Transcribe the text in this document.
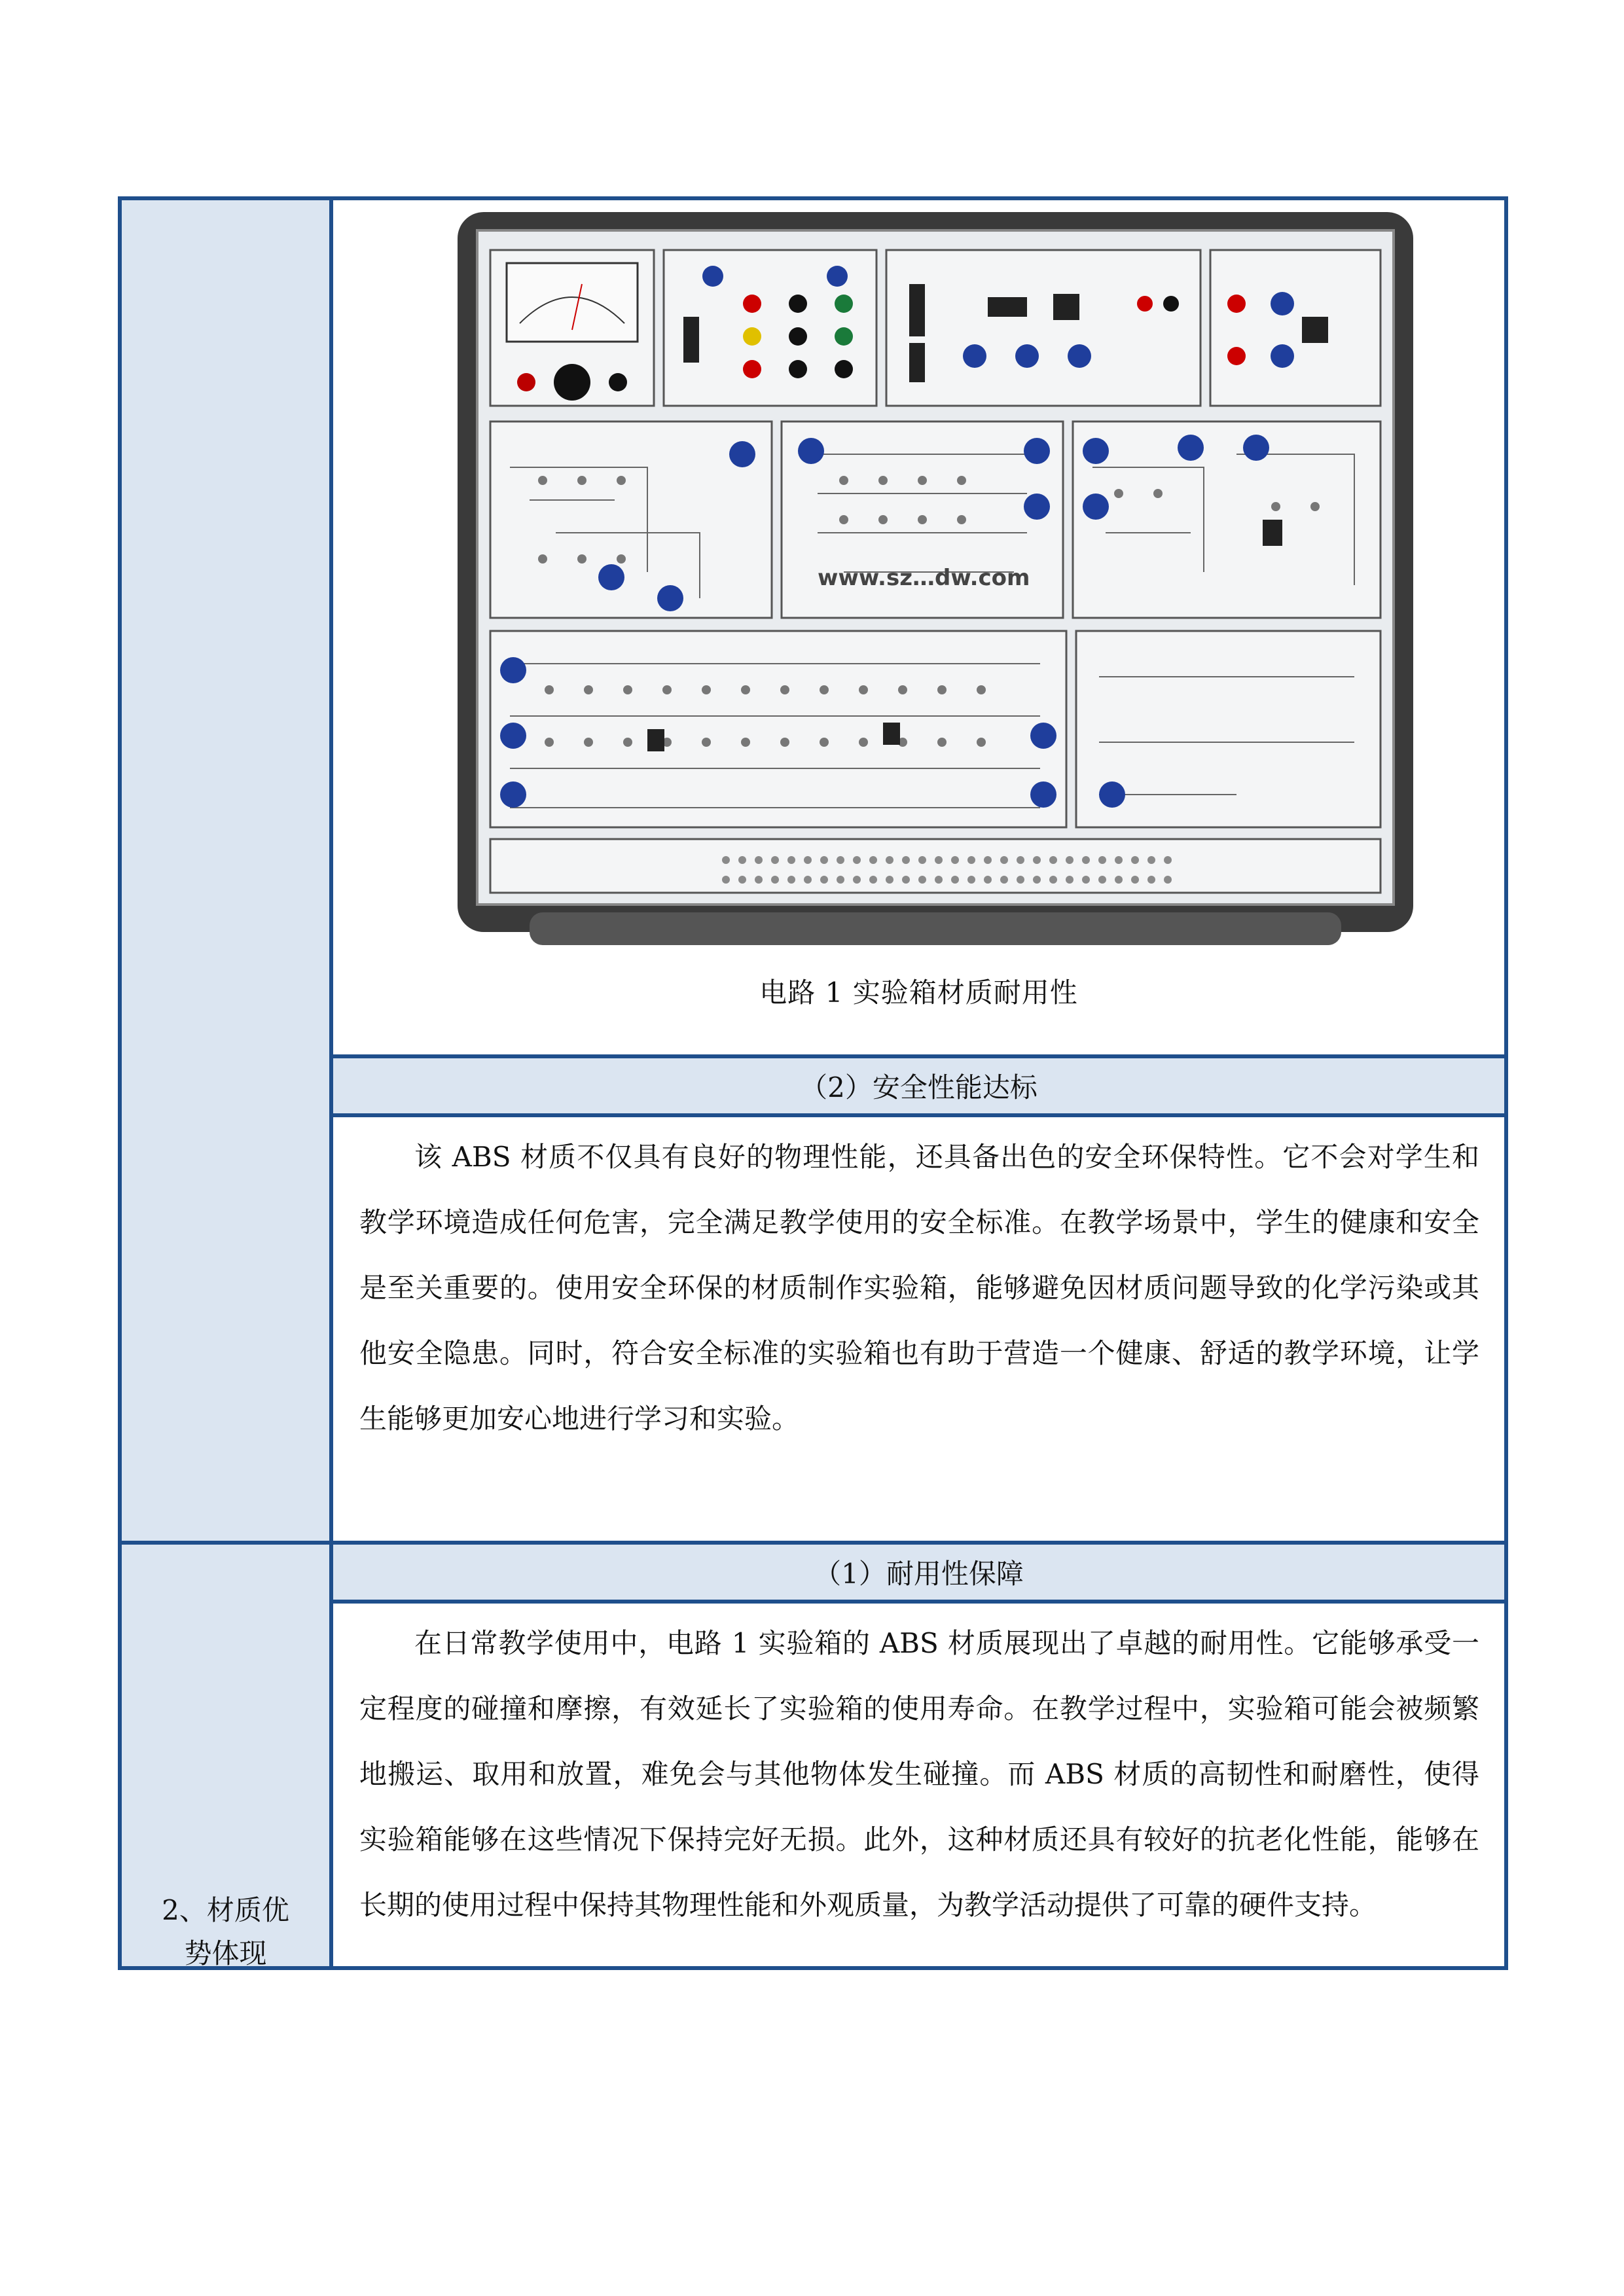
www.sz…dw.com
电路 1 实验箱材质耐用性
（2）安全性能达标
该 ABS 材质不仅具有良好的物理性能，还具备出色的安全环保特性。它不会对学生和教学环境造成任何危害，完全满足教学使用的安全标准。在教学场景中，学生的健康和安全是至关重要的。使用安全环保的材质制作实验箱，能够避免因材质问题导致的化学污染或其他安全隐患。同时，符合安全标准的实验箱也有助于营造一个健康、舒适的教学环境，让学生能够更加安心地进行学习和实验。
2、材质优
势体现
（1）耐用性保障
在日常教学使用中，电路 1 实验箱的 ABS 材质展现出了卓越的耐用性。它能够承受一定程度的碰撞和摩擦，有效延长了实验箱的使用寿命。在教学过程中，实验箱可能会被频繁地搬运、取用和放置，难免会与其他物体发生碰撞。而 ABS 材质的高韧性和耐磨性，使得实验箱能够在这些情况下保持完好无损。此外，这种材质还具有较好的抗老化性能，能够在长期的使用过程中保持其物理性能和外观质量，为教学活动提供了可靠的硬件支持。
